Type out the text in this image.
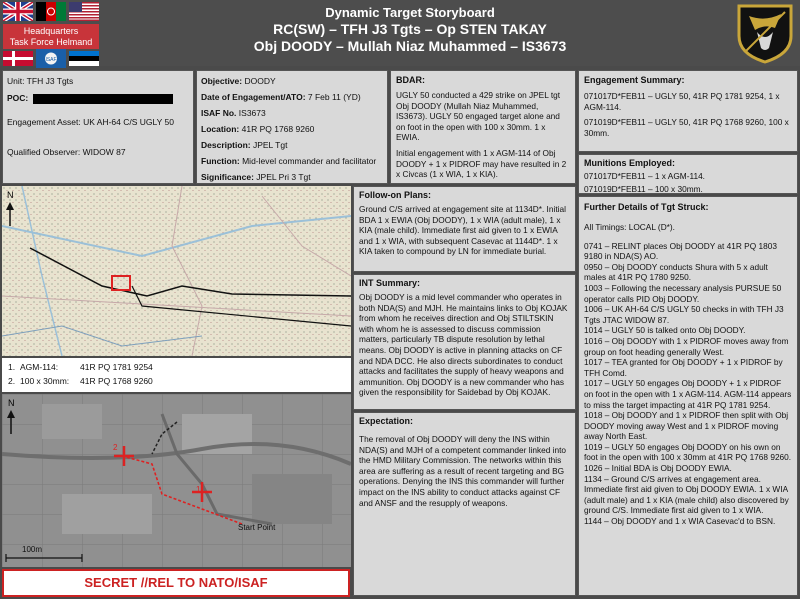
Headquarters
Task Force Helmand
ISAF
Dynamic Target Storyboard
RC(SW) – TFH J3 Tgts – Op STEN TAKAY
Obj DOODY – Mullah Niaz Muhammed – IS3673
Unit: TFH J3 Tgts
POC:
Engagement Asset: UK AH-64 C/S UGLY 50
Qualified Observer: WIDOW 87
Objective: DOODY
Date of Engagement/ATO: 7 Feb 11 (YD)
ISAF No. IS3673
Location: 41R PQ 1768 9260
Description: JPEL Tgt
Function: Mid-level commander and facilitator
Significance: JPEL Pri 3 Tgt
BDAR:
UGLY 50 conducted a 429 strike on JPEL tgt Obj DOODY (Mullah Niaz Muhammed, IS3673). UGLY 50 engaged target alone and on foot in the open with 100 x 30mm. 1 x EWIA.
Initial engagement with 1 x AGM-114 of Obj DOODY + 1 x PIDROF may have resulted in 2 x Civcas (1 x WIA, 1 x KIA).
Engagement Summary:
071017D*FEB11 – UGLY 50, 41R PQ 1781 9254, 1 x AGM-114.
071019D*FEB11 – UGLY 50, 41R PQ 1768 9260, 100 x 30mm.
Munitions Employed:
071017D*FEB11 – 1 x AGM-114.
071019D*FEB11 – 100 x 30mm.
Further Details of Tgt Struck:
All Timings: LOCAL (D*).
0741 – RELINT places Obj DOODY at 41R PQ 1803 9180 in NDA(S) AO.
0950 – Obj DOODY conducts Shura with 5 x adult males at 41R PQ 1780 9250.
1003 – Following the necessary analysis PURSUE 50 operator calls PID Obj DOODY.
1006 – UK AH-64 C/S UGLY 50 checks in with TFH J3 Tgts JTAC WIDOW 87.
1014 – UGLY 50 is talked onto Obj DOODY.
1016 – Obj DOODY with 1 x PIDROF moves away from group on foot heading generally West.
1017 – TEA granted for Obj DOODY + 1 x PIDROF by TFH Comd.
1017 – UGLY 50 engages Obj DOODY + 1 x PIDROF on foot in the open with 1 x AGM-114. AGM-114 appears to miss the target impacting at 41R PQ 1781 9254.
1018 – Obj DOODY and 1 x PIDROF then split with Obj DOODY moving away West and 1 x PIDROF moving away North East.
1019 – UGLY 50 engages Obj DOODY on his own on foot in the open with 100 x 30mm at 41R PQ 1768 9260.
1026 – Initial BDA is Obj DOODY EWIA.
1134 – Ground C/S arrives at engagement area. Immediate first aid given to Obj DOODY EWIA. 1 x WIA (adult male) and 1 x KIA (male child) also discovered by ground C/S. Immediate first aid given to 1 x WIA.
1144 – Obj DOODY and 1 x WIA Casevac'd to BSN.
Follow-on Plans:
Ground C/S arrived at engagement site at 1134D*. Initial BDA 1 x EWIA (Obj DOODY), 1 x WIA (adult male), 1 x KIA (male child). Immediate first aid given to 1 x EWIA and 1 x WIA, with subsequent Casevac at 1144D*. 1 x KIA taken to compound by LN for immediate burial.
INT Summary:
Obj DOODY is a mid level commander who operates in both NDA(S) and MJH. He maintains links to Obj KOJAK from whom he receives direction and Obj STILTSKIN with whom he is assessed to discuss commission matters, particularly TB dispute resolution by lethal means. Obj DOODY is active in planning attacks on CF and NDA DCC. He also directs subordinates to conduct attacks and facilitates the supply of heavy weapons and ammunition. Obj DOODY is a new commander who has given the responsibility for Saidebad by Obj KOJAK.
Expectation:
The removal of Obj DOODY will deny the INS within NDA(S) and MJH of a competent commander linked into the HMD Military Commission. The networks within this area are suffering as a result of recent targeting and BG operations. Denying the INS this commander will further impact on the INS ability to conduct attacks against CF and ANSF and the resupply of weapons.
N
1. AGM-114:	41R PQ 1781 9254
2. 100 x 30mm: 41R PQ 1768 9260
2
1
Start Point
N
100m
SECRET //REL TO NATO/ISAF
